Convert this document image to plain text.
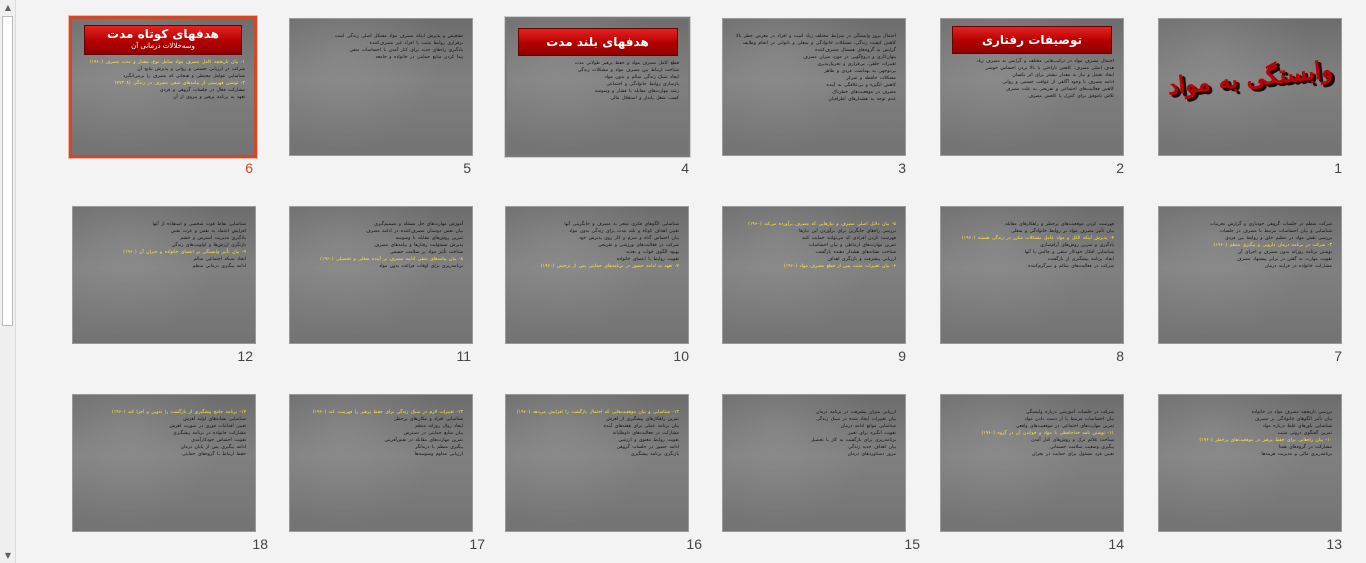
▲
▼
وابستگی به مواد
1
توصیفات رفتاری

احتمال مصرف مواد در ترکیب‌هایی مختلف و گرایش به مصرف زیاد

هدف اصلی مصرف: کاهش ناراحتی یا بالا بردن احساس خوشی

ایجاد تحمل و نیاز به مقدار بیشتر برای اثر یکسان

ادامه مصرف با وجود آگاهی از عواقب جسمی و روانی

کاهش فعالیت‌های اجتماعی و تفریحی به علت مصرف

تلاش ناموفق برای کنترل یا کاهش مصرف

2

احتمال بروز وابستگی در شرایط مختلف زیاد است و افراد در معرض خطر بالا

کاهش کیفیت زندگی، مشکلات خانوادگی و شغلی و ناتوانی در انجام وظایف

گرایش به گروه‌های همسال مصرف‌کننده

پنهان‌کاری و دروغ‌گویی در مورد میزان مصرف

تغییرات خلقی، بی‌قراری و تحریک‌پذیری

بی‌توجهی به بهداشت فردی و ظاهر

مشکلات حافظه و تمرکز

کاهش انگیزه و بی‌علاقگی به آینده

مصرف در موقعیت‌های خطرناک

عدم توجه به هشدارهای اطرافیان

3
هدفهای بلند مدت

قطع کامل مصرف مواد و حفظ پرهیز طولانی مدت

شناخت ارتباط بین مصرف مواد و مشکلات زندگی

ایجاد سبک زندگی سالم و بدون مواد

بازسازی روابط خانوادگی و اجتماعی

رشد مهارت‌های مقابله با فشار و وسوسه

کسب شغل پایدار و استقلال مالی

4

تشخیص و پذیرش اینکه مصرف مواد مشکل اصلی زندگی است

برقراری روابط مثبت با افراد غیر مصرف‌کننده

یادگیری راه‌های جدید برای کنار آمدن با احساسات منفی

پیدا کردن منابع حمایتی در خانواده و جامعه

5
هدفهای کوتاه مدت
وسه‌خلالات درمانی آن

۱- بیان تاریخچه کامل مصرف مواد شامل نوع، مقدار و مدت مصرف (۱۹۶۰)

شرکت در ارزیابی جسمی و روانی و پذیرش نتایج آن

شناسایی عوامل محیطی و هیجانی که مصرف را برمی‌انگیزد

۲- نوشتن فهرستی از پیامدهای منفی مصرف در زندگی (۷۷۳۰۸)

مشارکت فعال در جلسات گروهی و فردی

تعهد به برنامه پرهیز و پیروی از آن

6

شرکت منظم در جلسات گروهی خودیاری و گزارش تجربیات

شناسایی و بیان احساسات مرتبط با مصرف در جلسات

بررسی نقش مواد در تنظیم خلق و روابط بین فردی

۳- شرکت در برنامه درمان دارویی و پیگیری منظم (۱۹۶۰)

نوشتن برنامه روزانه بدون مصرف و اجرای آن

تقویت مهارت نه گفتن در برابر پیشنهاد مصرف

مشارکت خانواده در فرایند درمان

7

فهرست کردن موقعیت‌های پرخطر و راهکارهای مقابله

بیان تأثیر مصرف مواد بر روابط خانوادگی و شغلی

۴- پذیرش اینکه الکل و مواد عامل مشکلات مکرر در زندگی هستند (۱۹۶۰)

یادگیری و تمرین روش‌های آرام‌سازی

شناسایی افکار خودکار منفی و چالش با آنها

ایجاد برنامه پیشگیری از بازگشت

شرکت در فعالیت‌های سالم و سرگرم‌کننده

8

۵- بیان دلایل اصلی مصرف و نیازهایی که مصرف برآورده می‌کند (۱۹۶۰)

بررسی راه‌های جایگزین برای برآوردن این نیازها

فهرست کردن افرادی که می‌توانند حمایت کنند

تمرین مهارت‌های ارتباطی و بیان احساسات

شناخت نشانه‌های هشدار دهنده بازگشت

ارزیابی پیشرفت و بازنگری اهداف

۶- بیان تغییرات مثبت پس از قطع مصرف مواد (۱۹۶۰)

9

شناسایی الگوهای فکری منجر به مصرف و جایگزینی آنها

تعیین اهداف کوتاه و بلند مدت برای زندگی بدون مواد

بیان احساس گناه و شرم و کار روی پذیرش خود

شرکت در فعالیت‌های ورزشی و تفریحی

بهبود الگوی خواب و تغذیه

تقویت روابط با اعضای خانواده

۷- تعهد به ادامه حضور در برنامه‌های حمایتی پس از ترخیص (۱۹۶۰)

10

آموزش مهارت‌های حل مسئله و تصمیم‌گیری

بیان نقش دوستان مصرف‌کننده در ادامه مصرف

تمرین روش‌های مقابله با وسوسه

پذیرش مسئولیت رفتارها و پیامدهای مصرف

شناخت تأثیر مواد بر سلامت جسمی

۸- بیان پیامدهای منفی ادامه مصرف بر آینده شغلی و تحصیلی (۱۹۶۰)

برنامه‌ریزی برای اوقات فراغت بدون مواد

11

شناسایی نقاط قوت شخصی و استفاده از آنها

افزایش اعتماد به نفس و عزت نفس

یادگیری مدیریت استرس و خشم

بازنگری ارزش‌ها و اولویت‌های زندگی

۹- بیان تأثیر وابستگی بر اعضای خانواده و جبران آن (۱۹۶۰)

ایجاد شبکه اجتماعی سالم

ادامه پیگیری درمانی منظم

12

بررسی تاریخچه مصرف مواد در خانواده

بیان تأثیر الگوهای خانوادگی بر مصرف

شناسایی باورهای غلط درباره مواد

تمرین گفتگوی درونی مثبت

۱۰- بیان راه‌هایی برای حفظ پرهیز در موقعیت‌های پرخطر (۱۹۶۰)

مشارکت در گروه‌های همتا

برنامه‌ریزی مالی و مدیریت هزینه‌ها

13

شرکت در جلسات آموزشی درباره وابستگی

بیان احساسات مرتبط با از دست دادن مواد

تمرین مهارت‌های اجتماعی در موقعیت‌های واقعی

۱۱- نوشتن نامه خداحافظی با مواد و خواندن آن در گروه (۱۹۶۰)

شناخت علائم ترک و روش‌های کنار آمدن

پیگیری وضعیت سلامت جسمانی

تعیین فرد مسئول برای حمایت در بحران

14

ارزیابی میزان پیشرفت در برنامه درمان

بیان تغییرات ایجاد شده در سبک زندگی

شناسایی موانع ادامه درمان

تقویت انگیزه برای تغییر

برنامه‌ریزی برای بازگشت به کار یا تحصیل

بیان اهداف جدید زندگی

مرور دستاوردهای درمان

15

۱۲- شناسایی و بیان موقعیت‌هایی که احتمال بازگشت را افزایش می‌دهد (۱۹۶۰)

تمرین راهکارهای پیشگیری از لغزش

بیان برنامه عملی برای هفته‌های آینده

مشارکت در فعالیت‌های داوطلبانه

تقویت روابط معنوی و ارزشی

ادامه حضور در جلسات گروهی

بازنگری برنامه پیشگیری

16

۱۳- تغییرات لازم در سبک زندگی برای حفظ پرهیز را فهرست کند (۱۹۶۰)

شناسایی افراد و مکان‌های پرخطر

ایجاد روال روزانه منظم

بیان منابع حمایتی در دسترس

تمرین مهارت‌های مقابله در نقش‌آفرینی

پیگیری منظم با درمانگر

ارزیابی مداوم وسوسه‌ها

17

۱۴- برنامه جامع پیشگیری از بازگشت را تدوین و اجرا کند (۱۹۶۰)

شناسایی نشانه‌های اولیه لغزش

تعیین اقدامات فوری در صورت لغزش

مشارکت خانواده در برنامه پیشگیری

تقویت احساس خودکارآمدی

ادامه پیگیری پس از پایان درمان

حفظ ارتباط با گروه‌های حمایتی

18
